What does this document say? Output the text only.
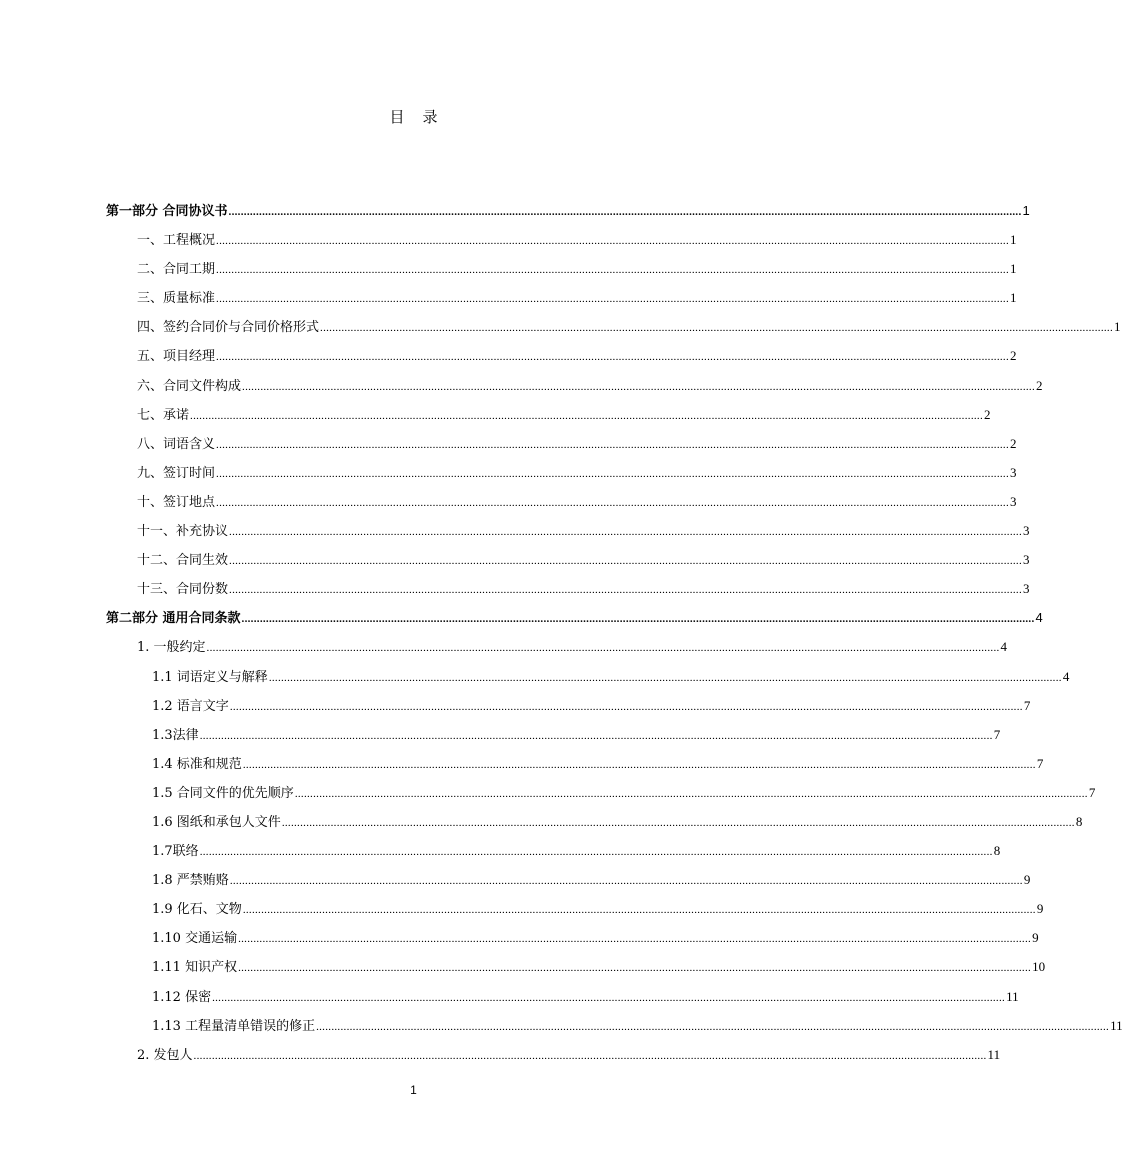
目 录
第一部分 合同协议书 .................................................................................................................................................................................................................................................................... 1
一、工程概况 .................................................................................................................................................................................................................................................................... 1
二、合同工期 .................................................................................................................................................................................................................................................................... 1
三、质量标准 .................................................................................................................................................................................................................................................................... 1
四、签约合同价与合同价格形式 .................................................................................................................................................................................................................................................................... 1
五、项目经理 .................................................................................................................................................................................................................................................................... 2
六、合同文件构成 .................................................................................................................................................................................................................................................................... 2
七、承诺 .................................................................................................................................................................................................................................................................... 2
八、词语含义 .................................................................................................................................................................................................................................................................... 2
九、签订时间 .................................................................................................................................................................................................................................................................... 3
十、签订地点 .................................................................................................................................................................................................................................................................... 3
十一、补充协议 .................................................................................................................................................................................................................................................................... 3
十二、合同生效 .................................................................................................................................................................................................................................................................... 3
十三、合同份数 .................................................................................................................................................................................................................................................................... 3
第二部分 通用合同条款 .................................................................................................................................................................................................................................................................... 4
1. 一般约定 .................................................................................................................................................................................................................................................................... 4
1.1 词语定义与解释 .................................................................................................................................................................................................................................................................... 4
1.2 语言文字 .................................................................................................................................................................................................................................................................... 7
1.3法律 .................................................................................................................................................................................................................................................................... 7
1.4 标准和规范 .................................................................................................................................................................................................................................................................... 7
1.5 合同文件的优先顺序 .................................................................................................................................................................................................................................................................... 7
1.6 图纸和承包人文件 .................................................................................................................................................................................................................................................................... 8
1.7联络 .................................................................................................................................................................................................................................................................... 8
1.8 严禁贿赂 .................................................................................................................................................................................................................................................................... 9
1.9 化石、文物 .................................................................................................................................................................................................................................................................... 9
1.10 交通运输 .................................................................................................................................................................................................................................................................... 9
1.11 知识产权 .................................................................................................................................................................................................................................................................... 10
1.12 保密 .................................................................................................................................................................................................................................................................... 11
1.13 工程量清单错误的修正 .................................................................................................................................................................................................................................................................... 11
2. 发包人 .................................................................................................................................................................................................................................................................... 11
1
